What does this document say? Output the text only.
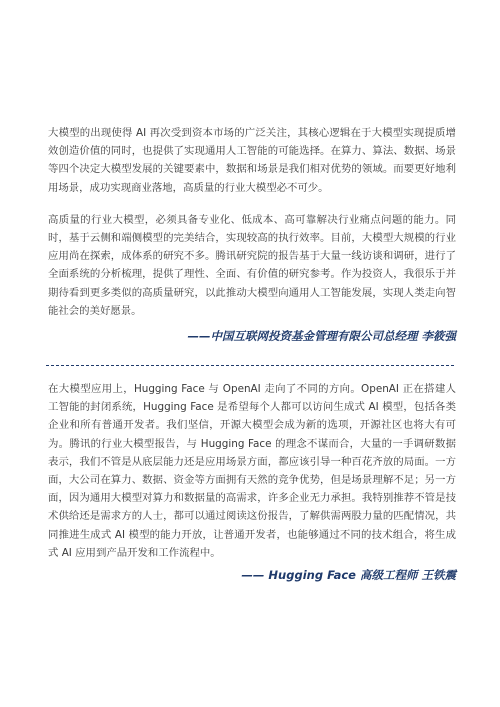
大模型的出现使得 AI 再次受到资本市场的广泛关注，其核心逻辑在于大模型实现提质增效创造价值的同时，也提供了实现通用人工智能的可能选择。在算力、算法、数据、场景等四个决定大模型发展的关键要素中，数据和场景是我们相对优势的领域。而要更好地利用场景，成功实现商业落地，高质量的行业大模型必不可少。

高质量的行业大模型，必须具备专业化、低成本、高可靠解决行业痛点问题的能力。同时，基于云侧和端侧模型的完美结合，实现较高的执行效率。目前，大模型大规模的行业应用尚在探索，成体系的研究不多。腾讯研究院的报告基于大量一线访谈和调研，进行了全面系统的分析梳理，提供了理性、全面、有价值的研究参考。作为投资人，我很乐于并期待看到更多类似的高质量研究，以此推动大模型向通用人工智能发展，实现人类走向智能社会的美好愿景。

——中国互联网投资基金管理有限公司总经理 李筱强

在大模型应用上，Hugging Face 与 OpenAI 走向了不同的方向。OpenAI 正在搭建人工智能的封闭系统，Hugging Face 是希望每个人都可以访问生成式 AI 模型，包括各类企业和所有普通开发者。我们坚信，开源大模型会成为新的选项，开源社区也将大有可为。腾讯的行业大模型报告，与 Hugging Face 的理念不谋而合，大量的一手调研数据表示，我们不管是从底层能力还是应用场景方面，都应该引导一种百花齐放的局面。一方面，大公司在算力、数据、资金等方面拥有天然的竞争优势，但是场景理解不足；另一方面，因为通用大模型对算力和数据量的高需求，许多企业无力承担。我特别推荐不管是技术供给还是需求方的人士，都可以通过阅读这份报告，了解供需两股力量的匹配情况，共同推进生成式 AI 模型的能力开放，让普通开发者，也能够通过不同的技术组合，将生成式 AI 应用到产品开发和工作流程中。

—— Hugging Face 高级工程师 王铁震
